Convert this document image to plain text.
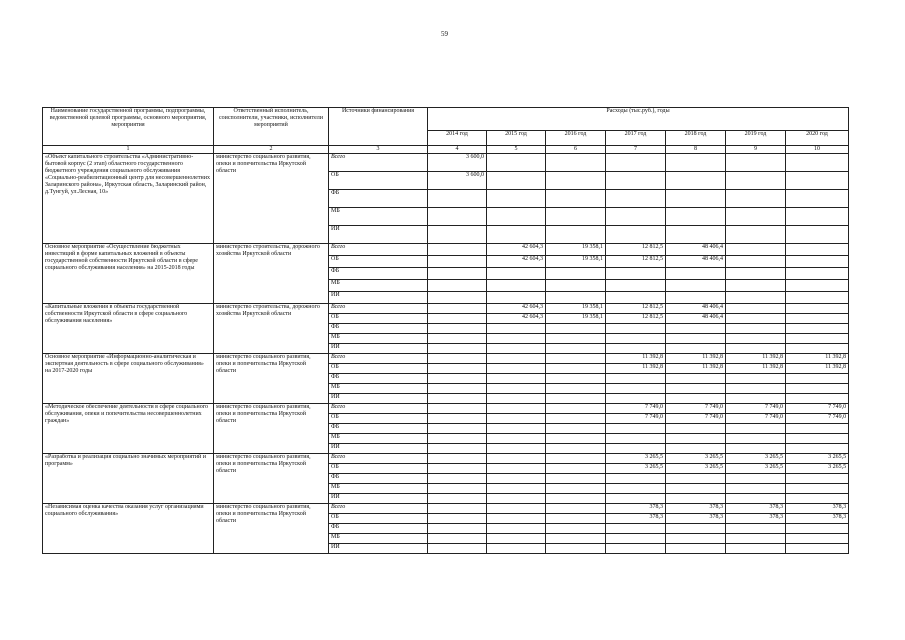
59
Наименование государственной программы, подпрограммы, ведомственной целевой программы, основного мероприятия, мероприятия	Ответственный исполнитель, соисполнители, участники, исполнители мероприятий	Источники финансирования	Расходы (тыс.руб.), годы						
			2014 год	2015 год	2016 год	2017 год	2018 год	2019 год	2020 год
1	2	3	4	5	6	7	8	9	10
«Объект капитального строительства «Административно-бытовой корпус (2 этап) областного государственного бюджетного учреждения социального обслуживания «Социально-реабилитационный центр для несовершеннолетних Заларинского района», Иркутская область, Заларинский район, д.Тунгуй, ул.Лесная, 10»	министерство социального развития, опеки и попечительства Иркутской области	Всего	3 600,0						
		ОБ	3 600,0						
		ФБ							
		МБ							
		ИИ							
Основное мероприятие «Осуществление бюджетных инвестиций в форме капитальных вложений в объекты государственной собственности Иркутской области в сфере социального обслуживания населения» на 2015-2018 годы	министерство строительства, дорожного хозяйства Иркутской области	Всего		42 604,3	19 358,1	12 812,5	48 406,4		
		ОБ		42 604,3	19 358,1	12 812,5	48 406,4		
		ФБ							
		МБ							
		ИИ							
«Капитальные вложения в объекты государственной собственности Иркутской области в сфере социального обслуживания населения»	министерство строительства, дорожного хозяйства Иркутской области	Всего		42 604,3	19 358,1	12 812,5	48 406,4		
		ОБ		42 604,3	19 358,1	12 812,5	48 406,4		
		ФБ							
		МБ							
		ИИ							
Основное мероприятие «Информационно-аналитическая и экспертная деятельность в сфере социального обслуживания» на 2017-2020 годы	министерство социального развития, опеки и попечительства Иркутской области	Всего				11 392,8	11 392,8	11 392,8	11 392,8
		ОБ				11 392,8	11 392,8	11 392,8	11 392,8
		ФБ							
		МБ							
		ИИ							
«Методическое обеспечение деятельности в сфере социального обслуживания, опеки и попечительства несовершеннолетних граждан»	министерство социального развития, опеки и попечительства Иркутской области	Всего				7 749,0	7 749,0	7 749,0	7 749,0
		ОБ				7 749,0	7 749,0	7 749,0	7 749,0
		ФБ							
		МБ							
		ИИ							
«Разработка и реализация социально значимых мероприятий и программ»	министерство социального развития, опеки и попечительства Иркутской области	Всего				3 265,5	3 265,5	3 265,5	3 265,5
		ОБ				3 265,5	3 265,5	3 265,5	3 265,5
		ФБ							
		МБ							
		ИИ							
«Независимая оценка качества оказания услуг организациями социального обслуживания»	министерство социального развития, опеки и попечительства Иркутской области	Всего				378,3	378,3	378,3	378,3
		ОБ				378,3	378,3	378,3	378,3
		ФБ							
		МБ							
		ИИ							
